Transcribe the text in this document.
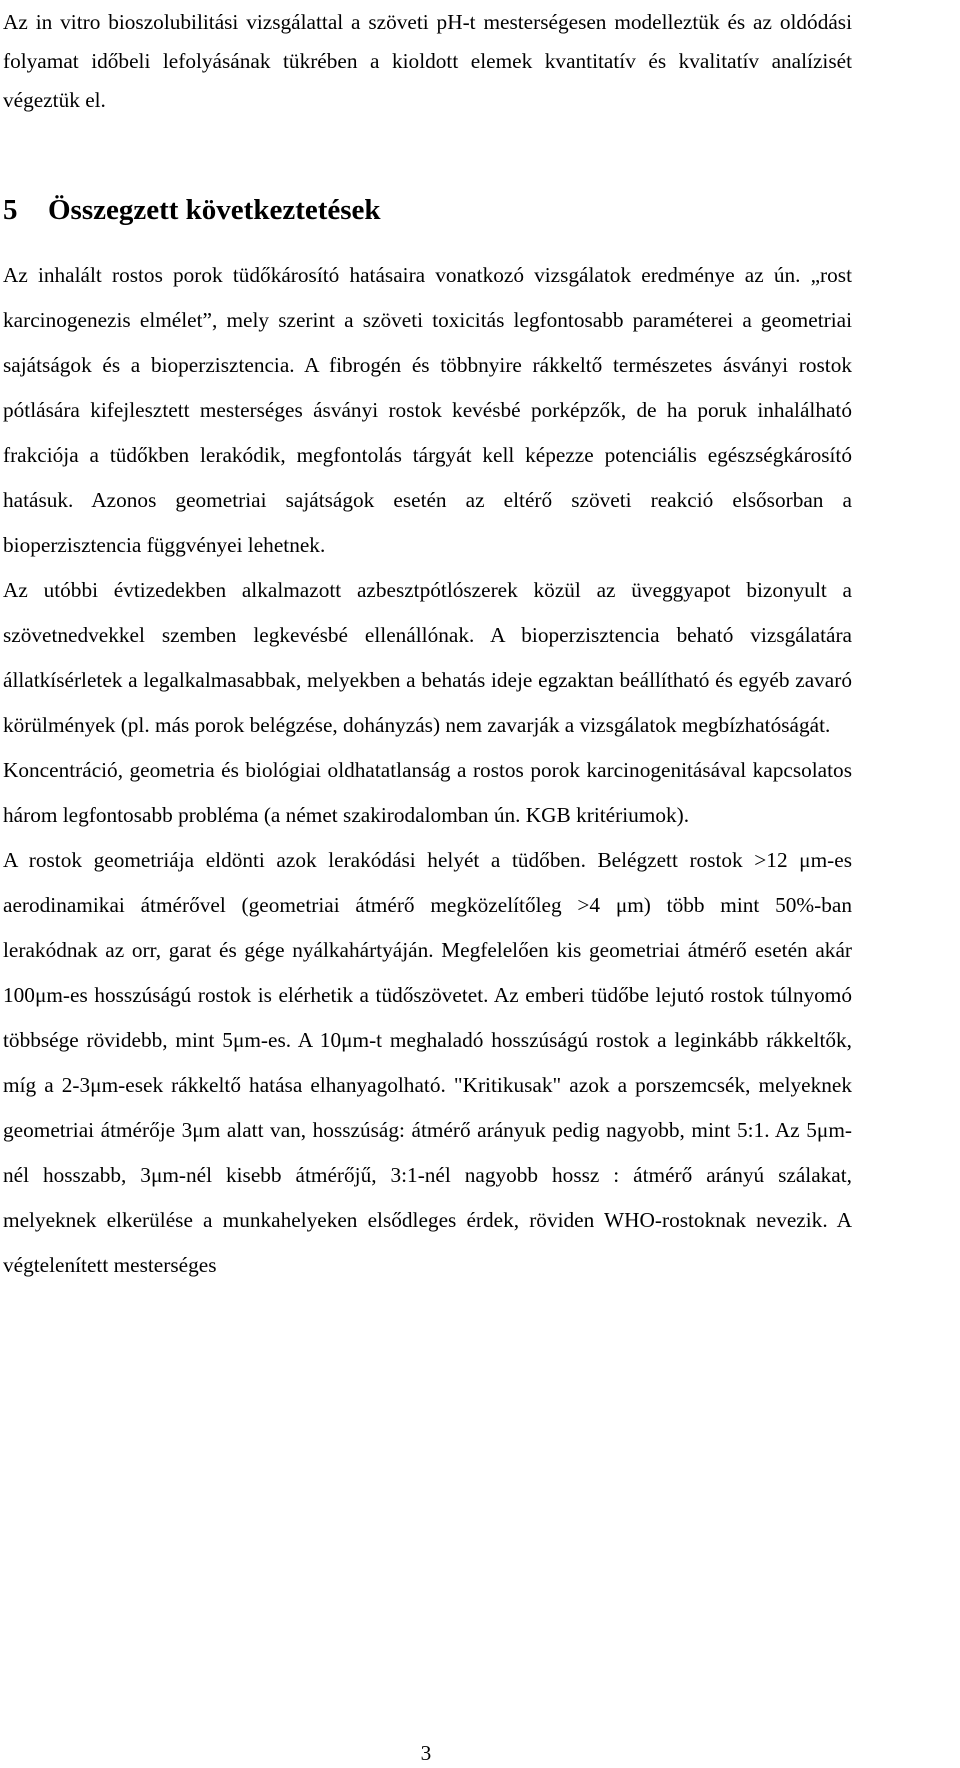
Az in vitro bioszolubilitási vizsgálattal a szöveti pH-t mesterségesen modelleztük és az oldódási folyamat időbeli lefolyásának tükrében a kioldott elemek kvantitatív és kvalitatív analízisét végeztük el.

5	Összegzett következtetések

Az inhalált rostos porok tüdőkárosító hatásaira vonatkozó vizsgálatok eredménye az ún. „rost karcinogenezis elmélet”, mely szerint a szöveti toxicitás legfontosabb paraméterei a geometriai sajátságok és a bioperzisztencia. A fibrogén és többnyire rákkeltő természetes ásványi rostok pótlására kifejlesztett mesterséges ásványi rostok kevésbé porképzők, de ha poruk inhalálható frakciója a tüdőkben lerakódik, megfontolás tárgyát kell képezze potenciális egészségkárosító hatásuk. Azonos geometriai sajátságok esetén az eltérő szöveti reakció elsősorban a bioperzisztencia függvényei lehetnek.

Az utóbbi évtizedekben alkalmazott azbesztpótlószerek közül az üveggyapot bizonyult a szövetnedvekkel szemben legkevésbé ellenállónak. A bioperzisztencia beható vizsgálatára állatkísérletek a legalkalmasabbak, melyekben a behatás ideje egzaktan beállítható és egyéb zavaró körülmények (pl. más porok belégzése, dohányzás) nem zavarják a vizsgálatok megbízhatóságát.

Koncentráció, geometria és biológiai oldhatatlanság a rostos porok karcinogenitásával kapcsolatos három legfontosabb probléma (a német szakirodalomban ún. KGB kritériumok).

A rostok geometriája eldönti azok lerakódási helyét a tüdőben. Belégzett rostok >12 μm-es aerodinamikai átmérővel (geometriai átmérő megközelítőleg >4 μm) több mint 50%-ban lerakódnak az orr, garat és gége nyálkahártyáján. Megfelelően kis geometriai átmérő esetén akár 100μm-es hosszúságú rostok is elérhetik a tüdőszövetet. Az emberi tüdőbe lejutó rostok túlnyomó többsége rövidebb, mint 5μm-es. A 10μm-t meghaladó hosszúságú rostok a leginkább rákkeltők, míg a 2-3μm-esek rákkeltő hatása elhanyagolható. "Kritikusak" azok a porszemcsék, melyeknek geometriai átmérője 3μm alatt van, hosszúság: átmérő arányuk pedig nagyobb, mint 5:1. Az 5μm-nél hosszabb, 3μm-nél kisebb átmérőjű, 3:1-nél nagyobb hossz : átmérő arányú szálakat, melyeknek elkerülése a munkahelyeken elsődleges érdek, röviden WHO-rostoknak nevezik. A végtelenített mesterséges

3
